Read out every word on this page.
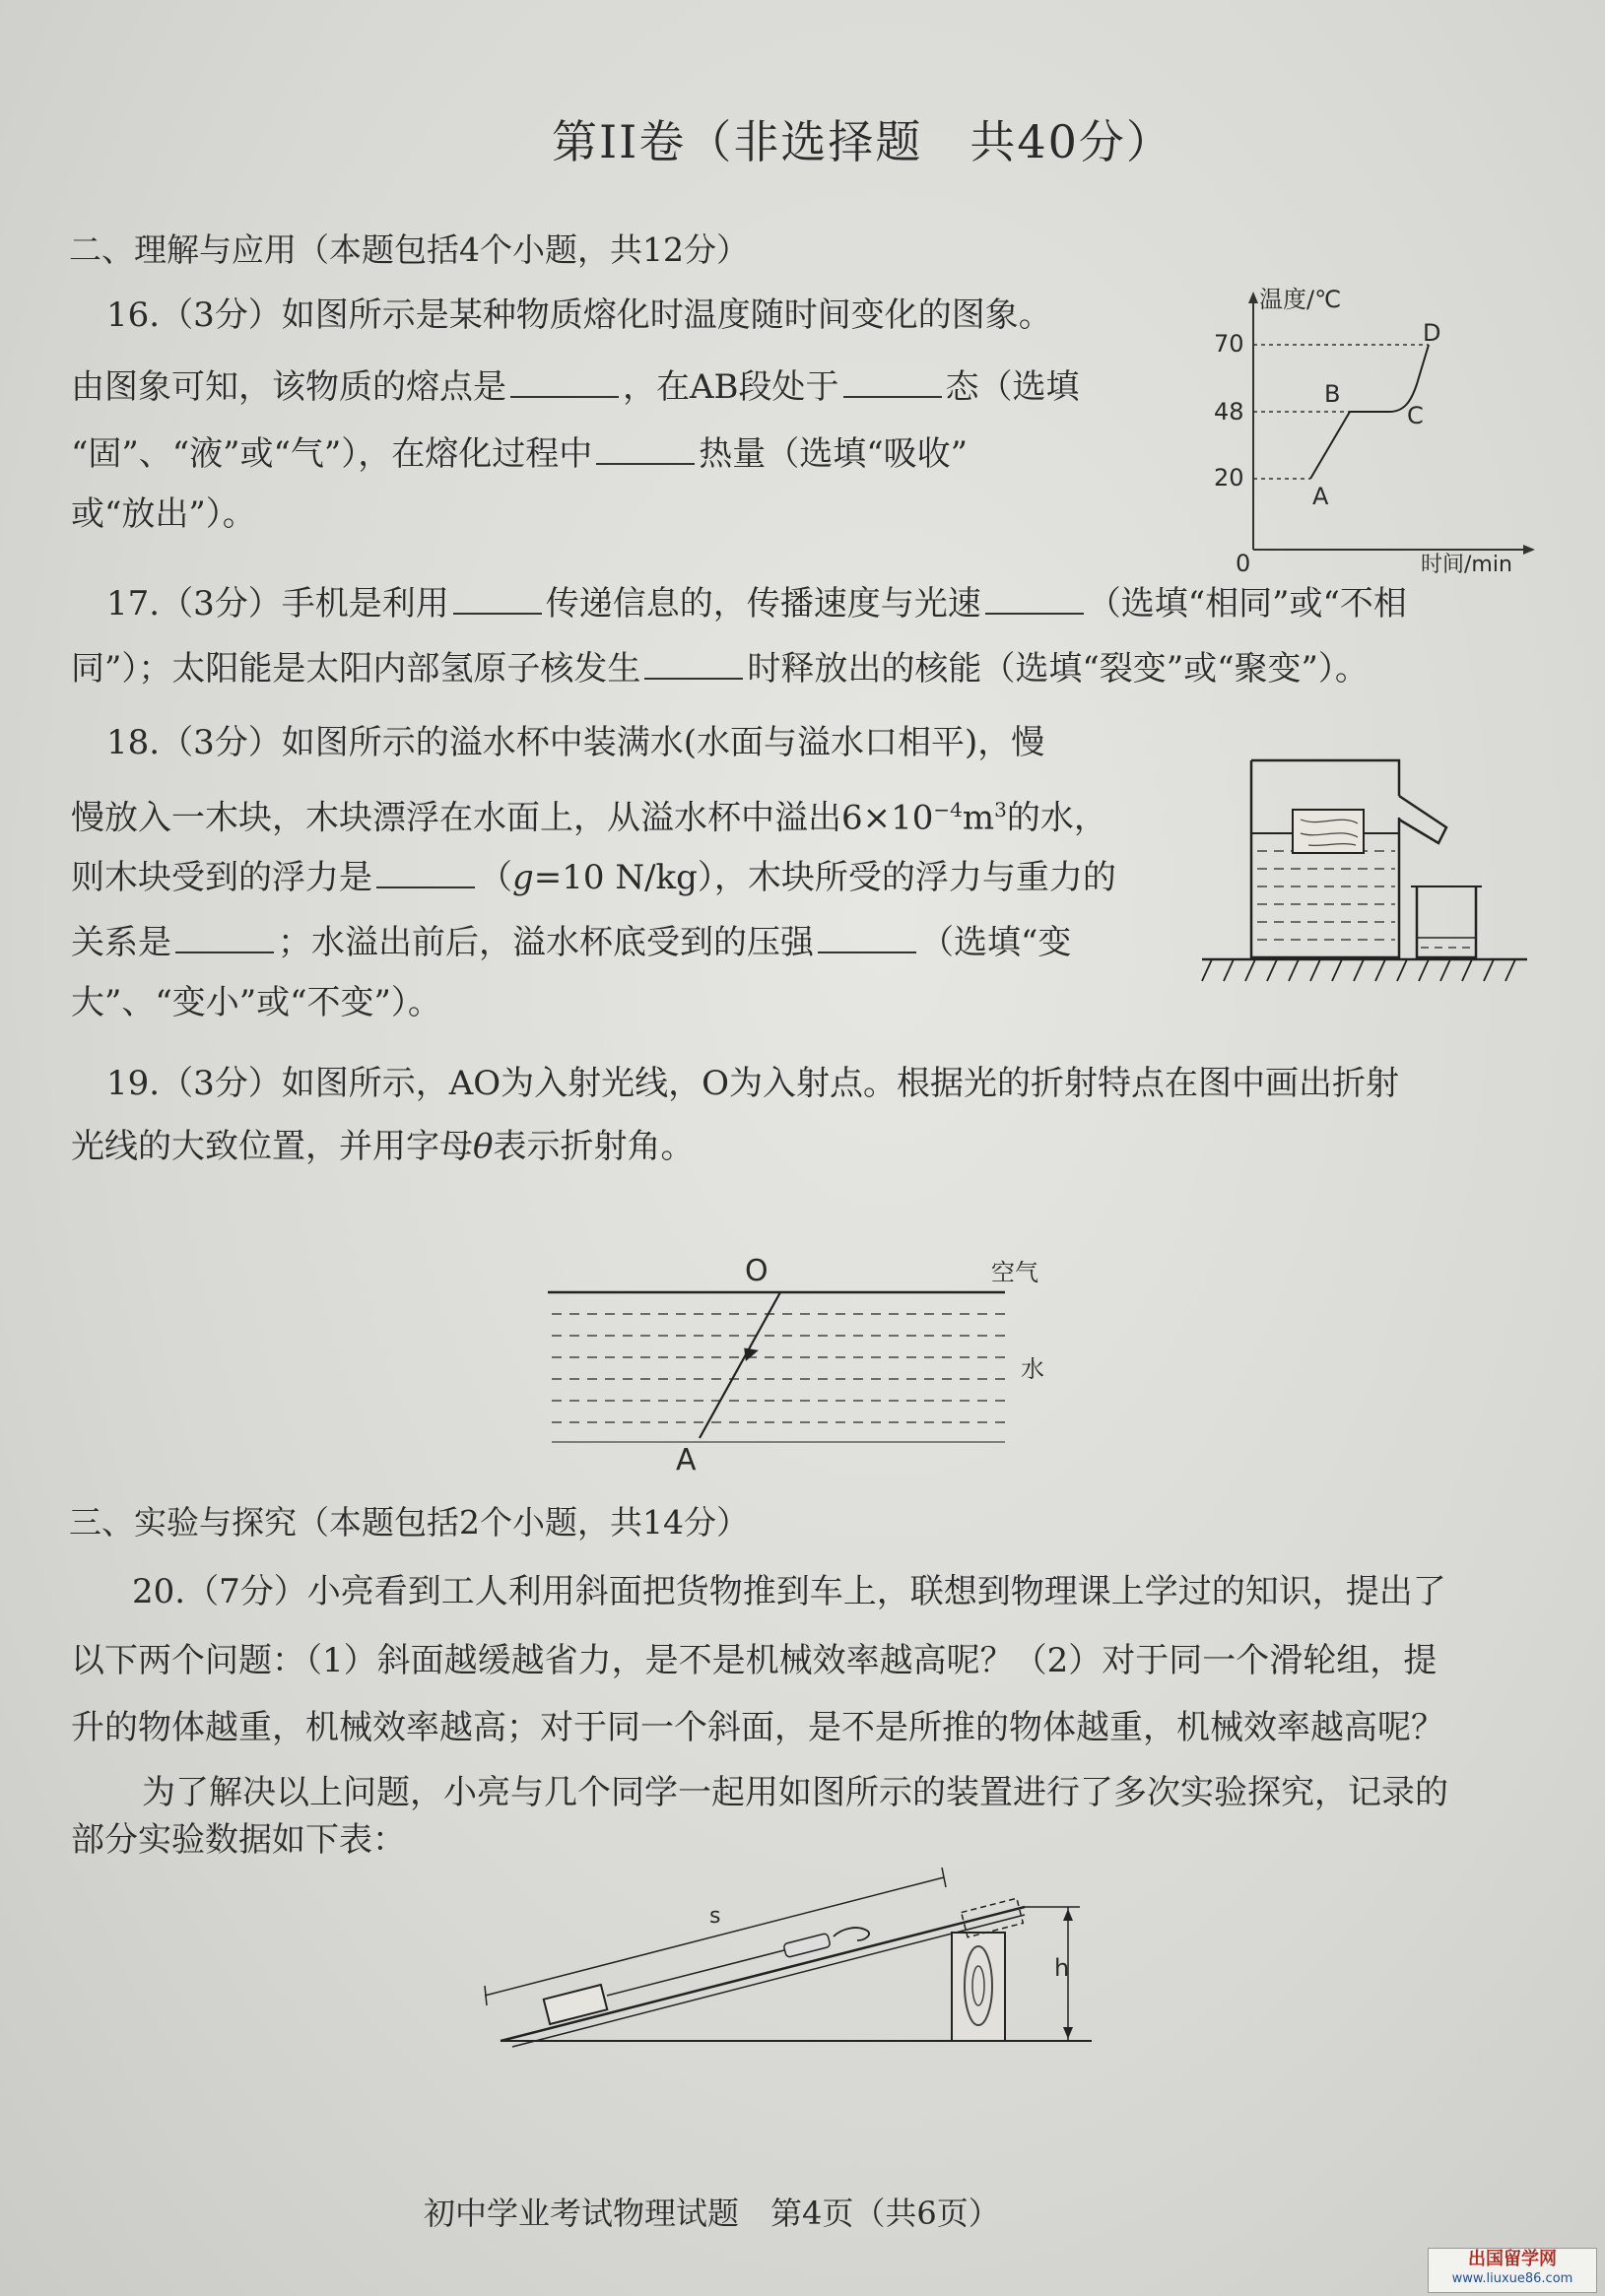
第II卷（非选择题　共40分）
二、理解与应用（本题包括4个小题，共12分）
16.（3分）如图所示是某种物质熔化时温度随时间变化的图象。
由图象可知，该物质的熔点是	，在AB段处于	态（选填
“固”、“液”或“气”），在熔化过程中	热量（选填“吸收”
或“放出”）。
温度/℃
时间/min
0
70
48
20
A
B
C
D
17.（3分）手机是利用	传递信息的，传播速度与光速	（选填“相同”或“不相
同”）；太阳能是太阳内部氢原子核发生	时释放出的核能（选填“裂变”或“聚变”）。
18.（3分）如图所示的溢水杯中装满水(水面与溢水口相平)，慢
慢放入一木块，木块漂浮在水面上，从溢水杯中溢出$6\times 10^{-4}m^3$的水，
则木块受到的浮力是	（g=10 N/kg），木块所受的浮力与重力的
关系是	；水溢出前后，溢水杯底受到的压强	（选填“变
大”、“变小”或“不变”）。
19.（3分）如图所示，AO为入射光线，O为入射点。根据光的折射特点在图中画出折射
光线的大致位置，并用字母θ表示折射角。
O
A
空气
水
三、实验与探究（本题包括2个小题，共14分）
20.（7分）小亮看到工人利用斜面把货物推到车上，联想到物理课上学过的知识，提出了
以下两个问题：（1）斜面越缓越省力，是不是机械效率越高呢？（2）对于同一个滑轮组，提
升的物体越重，机械效率越高；对于同一个斜面，是不是所推的物体越重，机械效率越高呢？
为了解决以上问题，小亮与几个同学一起用如图所示的装置进行了多次实验探究，记录的
部分实验数据如下表：
s
h
初中学业考试物理试题　第4页（共6页）
出国留学网
www.liuxue86.com
